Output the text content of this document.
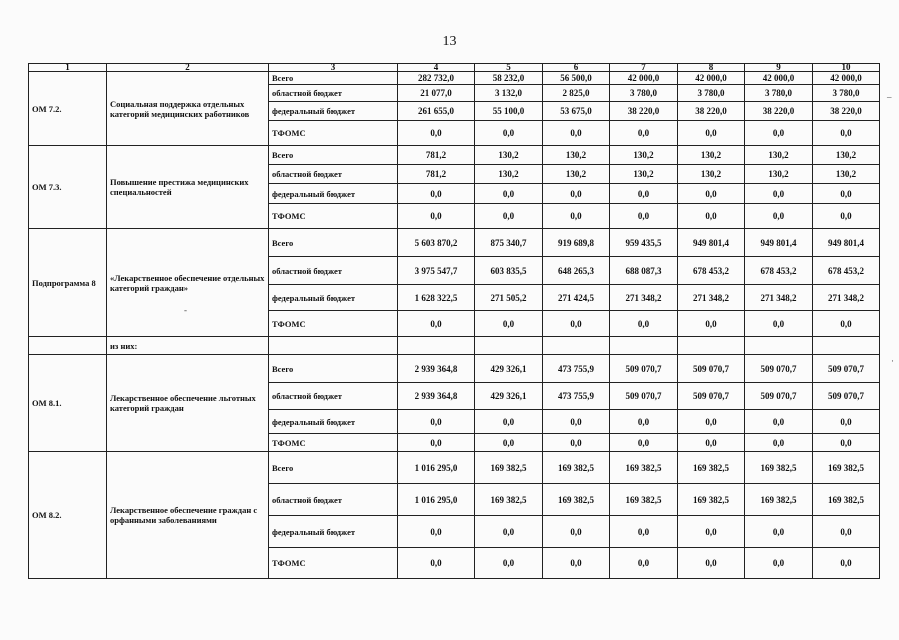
13
1	2	3	4	5	6	7	8	9	10
ОМ 7.2.	Социальная поддержка отдельных категорий медицинских работников	Всего	282 732,0	58 232,0	56 500,0	42 000,0	42 000,0	42 000,0	42 000,0
		областной бюджет	21 077,0	3 132,0	2 825,0	3 780,0	3 780,0	3 780,0	3 780,0
		федеральный бюджет	261 655,0	55 100,0	53 675,0	38 220,0	38 220,0	38 220,0	38 220,0
		ТФОМС	0,0	0,0	0,0	0,0	0,0	0,0	0,0
ОМ 7.3.	Повышение престижа медицинских специальностей	Всего	781,2	130,2	130,2	130,2	130,2	130,2	130,2
		областной бюджет	781,2	130,2	130,2	130,2	130,2	130,2	130,2
		федеральный бюджет	0,0	0,0	0,0	0,0	0,0	0,0	0,0
		ТФОМС	0,0	0,0	0,0	0,0	0,0	0,0	0,0
Подпрограмма 8	«Лекарственное обеспечение отдельных категорий граждан»	Всего	5 603 870,2	875 340,7	919 689,8	959 435,5	949 801,4	949 801,4	949 801,4
		областной бюджет	3 975 547,7	603 835,5	648 265,3	688 087,3	678 453,2	678 453,2	678 453,2
		федеральный бюджет	1 628 322,5	271 505,2	271 424,5	271 348,2	271 348,2	271 348,2	271 348,2
		ТФОМС	0,0	0,0	0,0	0,0	0,0	0,0	0,0
	из них:								
ОМ 8.1.	Лекарственное обеспечение льготных категорий граждан	Всего	2 939 364,8	429 326,1	473 755,9	509 070,7	509 070,7	509 070,7	509 070,7
		областной бюджет	2 939 364,8	429 326,1	473 755,9	509 070,7	509 070,7	509 070,7	509 070,7
		федеральный бюджет	0,0	0,0	0,0	0,0	0,0	0,0	0,0
		ТФОМС	0,0	0,0	0,0	0,0	0,0	0,0	0,0
ОМ 8.2.	Лекарственное обеспечение граждан с орфанными заболеваниями	Всего	1 016 295,0	169 382,5	169 382,5	169 382,5	169 382,5	169 382,5	169 382,5
		областной бюджет	1 016 295,0	169 382,5	169 382,5	169 382,5	169 382,5	169 382,5	169 382,5
		федеральный бюджет	0,0	0,0	0,0	0,0	0,0	0,0	0,0
		ТФОМС	0,0	0,0	0,0	0,0	0,0	0,0	0,0
–
·
-
